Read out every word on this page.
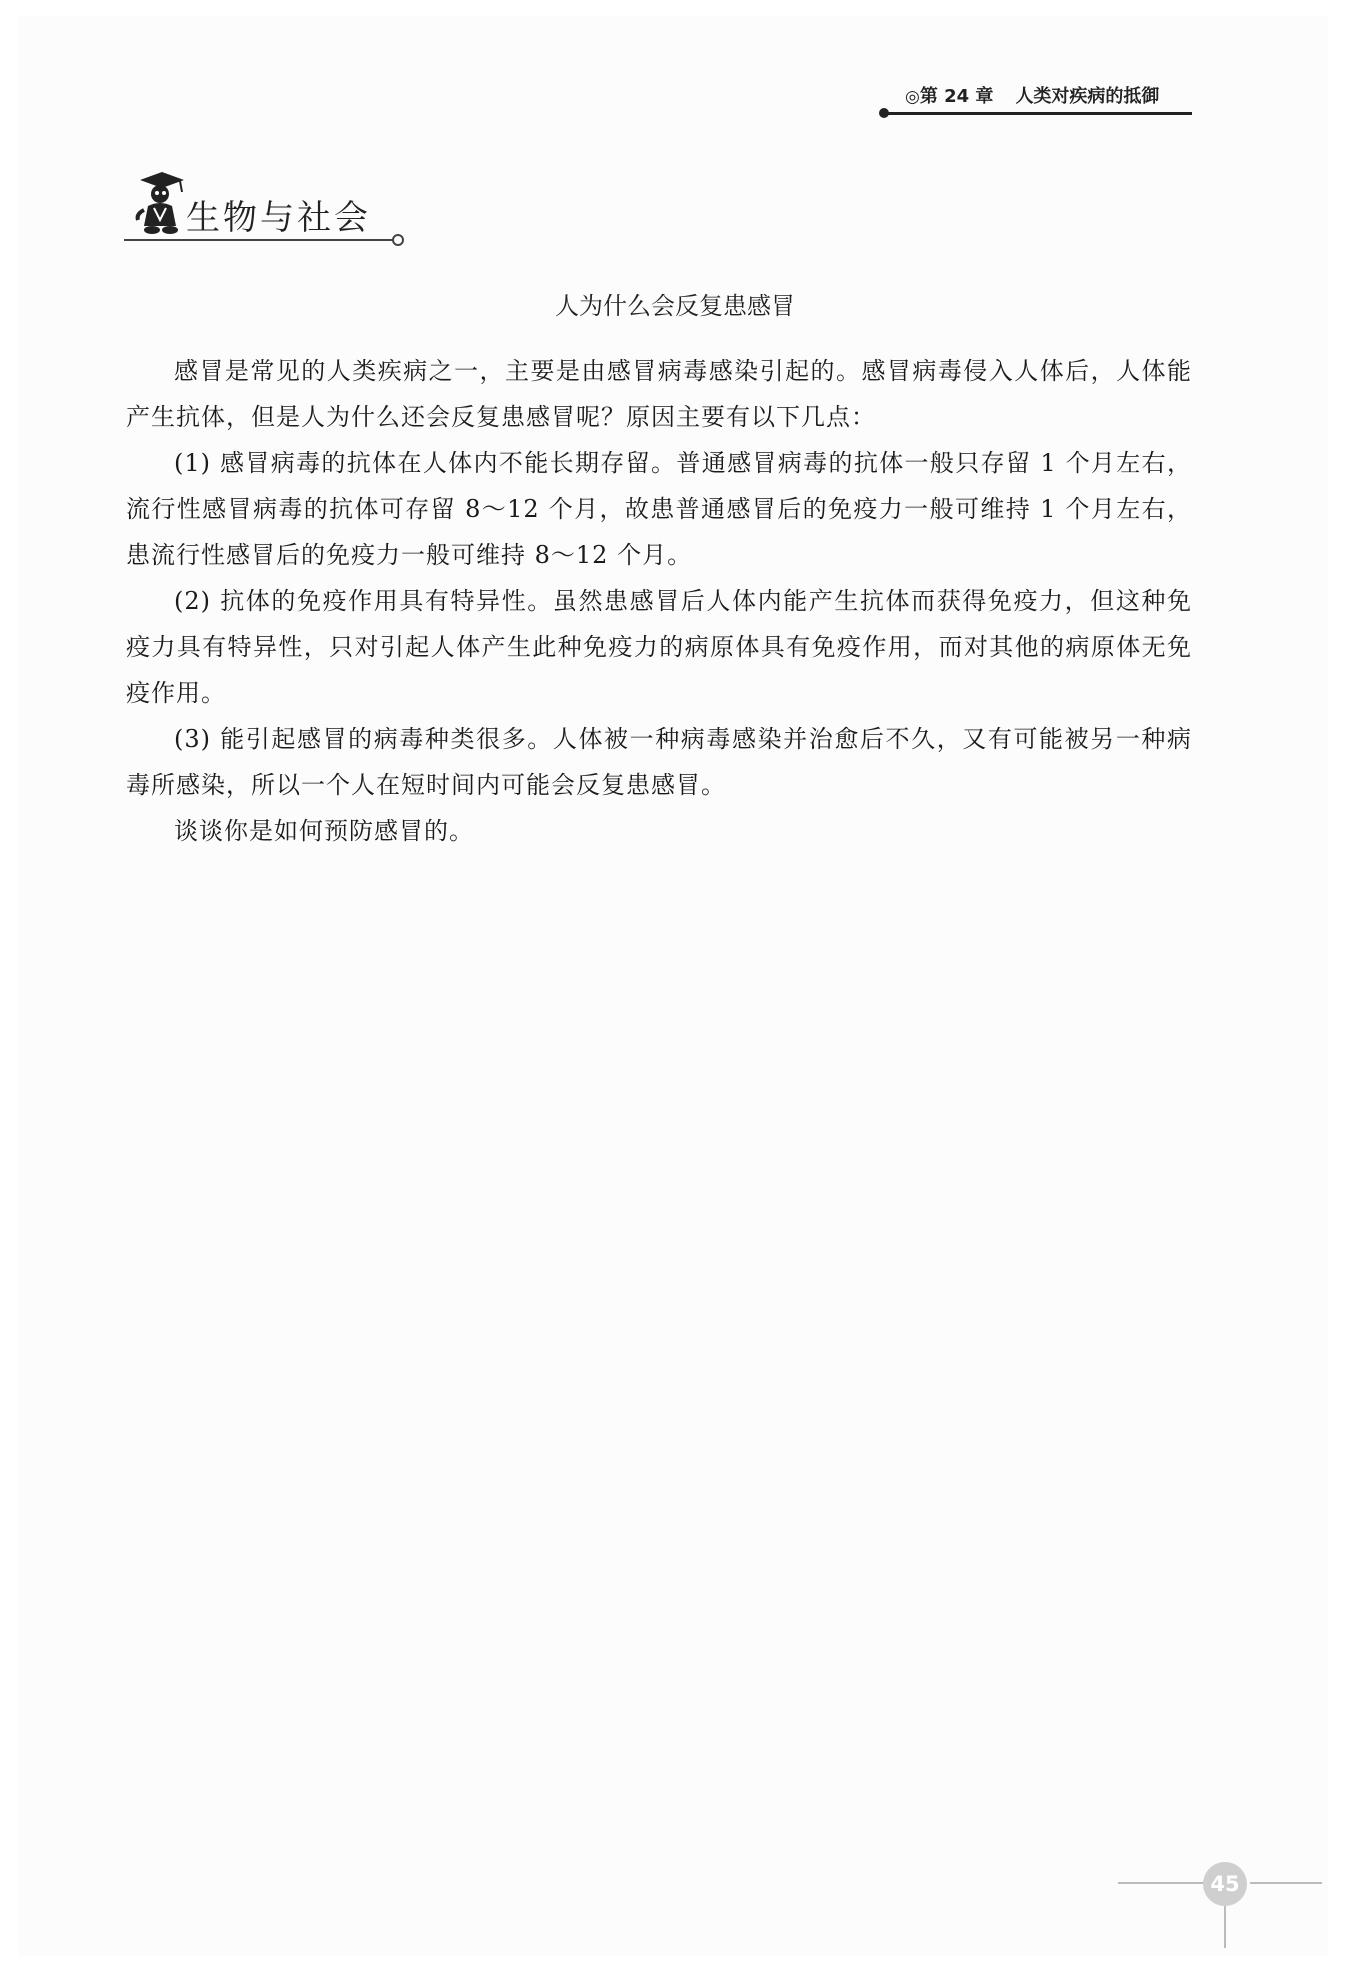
◎第 24 章 人类对疾病的抵御
生物与社会
人为什么会反复患感冒

感冒是常见的人类疾病之一，主要是由感冒病毒感染引起的。感冒病毒侵入人体后，人体能产生抗体，但是人为什么还会反复患感冒呢？原因主要有以下几点：

(1) 感冒病毒的抗体在人体内不能长期存留。普通感冒病毒的抗体一般只存留 1 个月左右，流行性感冒病毒的抗体可存留 8～12 个月，故患普通感冒后的免疫力一般可维持 1 个月左右，患流行性感冒后的免疫力一般可维持 8～12 个月。

(2) 抗体的免疫作用具有特异性。虽然患感冒后人体内能产生抗体而获得免疫力，但这种免疫力具有特异性，只对引起人体产生此种免疫力的病原体具有免疫作用，而对其他的病原体无免疫作用。

(3) 能引起感冒的病毒种类很多。人体被一种病毒感染并治愈后不久，又有可能被另一种病毒所感染，所以一个人在短时间内可能会反复患感冒。

谈谈你是如何预防感冒的。

45
